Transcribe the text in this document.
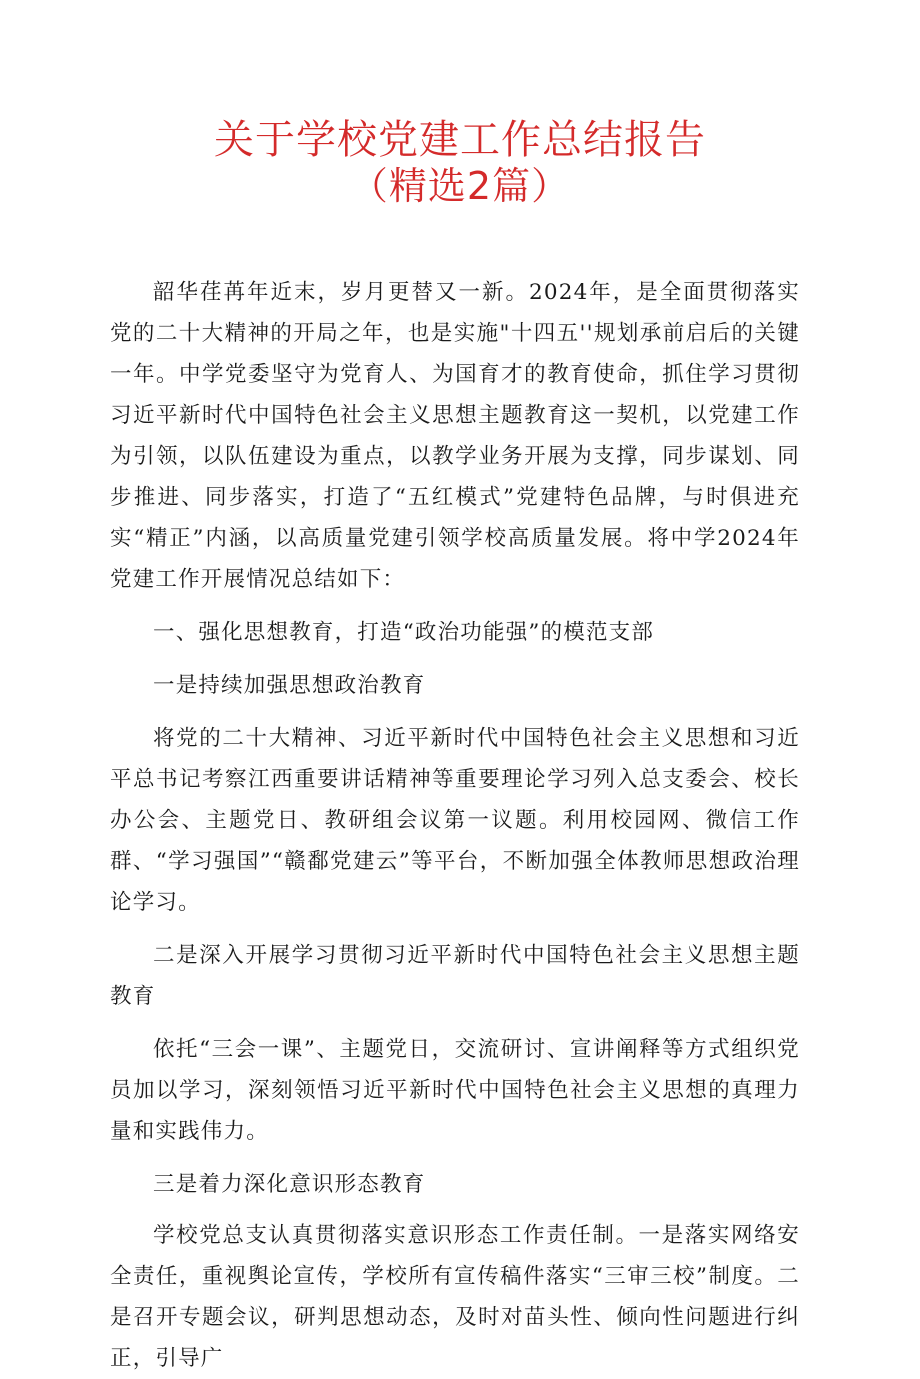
关于学校党建工作总结报告
（精选2篇）

韶华荏苒年近末，岁月更替又一新。2024年，是全面贯彻落实党的二十大精神的开局之年，也是实施"十四五''规划承前启后的关键一年。中学党委坚守为党育人、为国育才的教育使命，抓住学习贯彻习近平新时代中国特色社会主义思想主题教育这一契机，以党建工作为引领，以队伍建设为重点，以教学业务开展为支撑，同步谋划、同步推进、同步落实，打造了“五红模式”党建特色品牌，与时俱进充实“精正”内涵，以高质量党建引领学校高质量发展。将中学2024年党建工作开展情况总结如下：

一、强化思想教育，打造“政治功能强”的模范支部

一是持续加强思想政治教育

将党的二十大精神、习近平新时代中国特色社会主义思想和习近平总书记考察江西重要讲话精神等重要理论学习列入总支委会、校长办公会、主题党日、教研组会议第一议题。利用校园网、微信工作群、“学习强国”“赣鄱党建云”等平台，不断加强全体教师思想政治理论学习。

二是深入开展学习贯彻习近平新时代中国特色社会主义思想主题教育

依托“三会一课”、主题党日，交流研讨、宣讲阐释等方式组织党员加以学习，深刻领悟习近平新时代中国特色社会主义思想的真理力量和实践伟力。

三是着力深化意识形态教育

学校党总支认真贯彻落实意识形态工作责任制。一是落实网络安全责任，重视舆论宣传，学校所有宣传稿件落实“三审三校”制度。二是召开专题会议，研判思想动态，及时对苗头性、倾向性问题进行纠正，引导广
